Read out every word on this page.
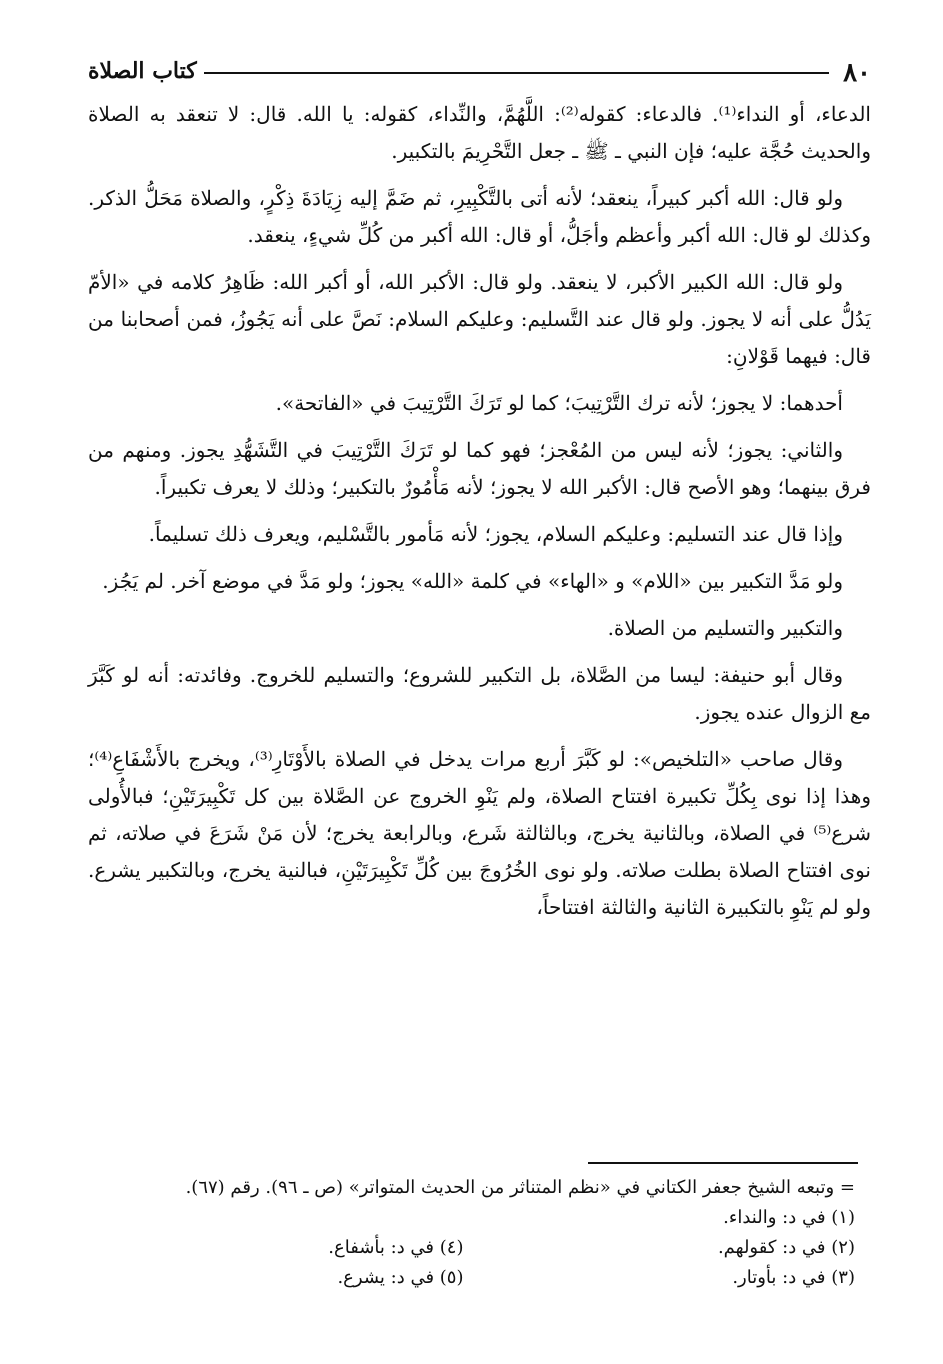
٨٠
كتاب الصلاة

الدعاء، أو النداء⁽¹⁾. فالدعاء: كقوله⁽²⁾: اللَّهُمَّ، والنِّداء، كقوله: يا الله. قال: لا تنعقد به الصلاة والحديث حُجَّة عليه؛ فإن النبي ـ ﷺ ـ جعل التَّحْرِيمَ بالتكبير.

ولو قال: الله أكبر كبيراً، ينعقد؛ لأنه أتى بالتَّكْبِيرِ، ثم ضَمَّ إليه زِيَادَةَ ذِكْرٍ، والصلاة مَحَلُّ الذكر. وكذلك لو قال: الله أكبر وأعظم وأجَلُّ، أو قال: الله أكبر من كُلِّ شيءٍ، ينعقد.

ولو قال: الله الكبير الأكبر، لا ينعقد. ولو قال: الأكبر الله، أو أكبر الله: ظَاهِرُ كلامه في «الأمّ يَدُلُّ على أنه لا يجوز. ولو قال عند التَّسليم: وعليكم السلام: نَصَّ على أنه يَجُوزُ، فمن أصحابنا من قال: فيهما قَوْلانِ:

أحدهما: لا يجوز؛ لأنه ترك التَّرْتِيبَ؛ كما لو تَرَكَ التَّرْتِيبَ في «الفاتحة».

والثاني: يجوز؛ لأنه ليس من المُعْجز؛ فهو كما لو تَرَكَ التَّرْتِيبَ في التَّشَهُّدِ يجوز. ومنهم من فرق بينهما؛ وهو الأصح قال: الأكبر الله لا يجوز؛ لأنه مَأْمُورٌ بالتكبير؛ وذلك لا يعرف تكبيراً.

وإذا قال عند التسليم: وعليكم السلام، يجوز؛ لأنه مَأمور بالتَّسْليم، ويعرف ذلك تسليماً.

ولو مَدَّ التكبير بين «اللام» و «الهاء» في كلمة «الله» يجوز؛ ولو مَدَّ في موضع آخر. لم يَجُز.

والتكبير والتسليم من الصلاة.

وقال أبو حنيفة: ليسا من الصَّلاة، بل التكبير للشروع؛ والتسليم للخروج. وفائدته: أنه لو كَبَّرَ مع الزوال عنده يجوز.

وقال صاحب «التلخيص»: لو كَبَّرَ أربع مرات يدخل في الصلاة بالأَوْتَارِ⁽³⁾، ويخرج بالأَشْفَاعِ⁽⁴⁾؛ وهذا إذا نوى بِكُلِّ تكبيرة افتتاح الصلاة، ولم يَنْوِ الخروج عن الصَّلاة بين كل تَكْبِيرَتَيْنِ؛ فبالأُولى شرع⁽⁵⁾ في الصلاة، وبالثانية يخرج، وبالثالثة شَرع، وبالرابعة يخرج؛ لأن مَنْ شَرَعَ في صلاته، ثم نوى افتتاح الصلاة بطلت صلاته. ولو نوى الخُرُوجَ بين كُلِّ تَكْبِيرَتَيْنِ، فبالنية يخرج، وبالتكبير يشرع. ولو لم يَنْوِ بالتكبيرة الثانية والثالثة افتتاحاً،

= وتبعه الشيخ جعفر الكتاني في «نظم المتناثر من الحديث المتواتر» (ص ـ ٩٦). رقم (٦٧).
(١) في د: والنداء.
(٢) في د: كقولهم.
(٤) في د: بأشفاع.
(٣) في د: بأوتار.
(٥) في د: يشرع.
